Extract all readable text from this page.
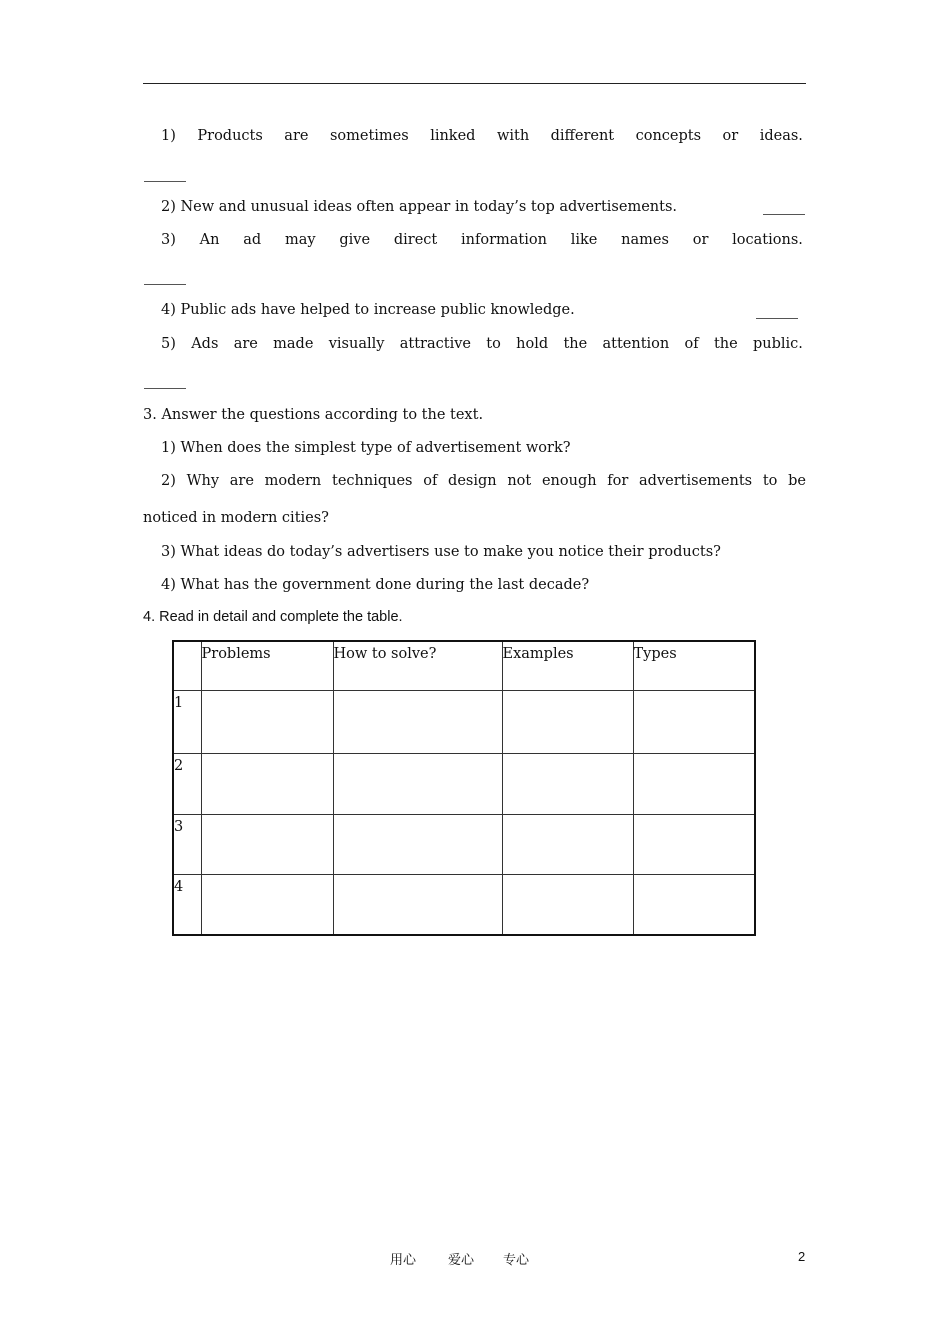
1) Products are sometimes linked with different concepts or ideas.
2) New and unusual ideas often appear in today’s top advertisements.
3) An ad may give direct information like names or locations.
4) Public ads have helped to increase public knowledge.
5) Ads are made visually attractive to hold the attention of the public.
3. Answer the questions according to the text.
1) When does the simplest type of advertisement work?
2) Why are modern techniques of design not enough for advertisements to be
noticed in modern cities?
3) What ideas do today’s advertisers use to make you notice their products?
4) What has the government done during the last decade?
4. Read in detail and complete the table.
	Problems	How to solve?	Examples	Types
1				
2				
3				
4				
用心 爱心 专心	2
